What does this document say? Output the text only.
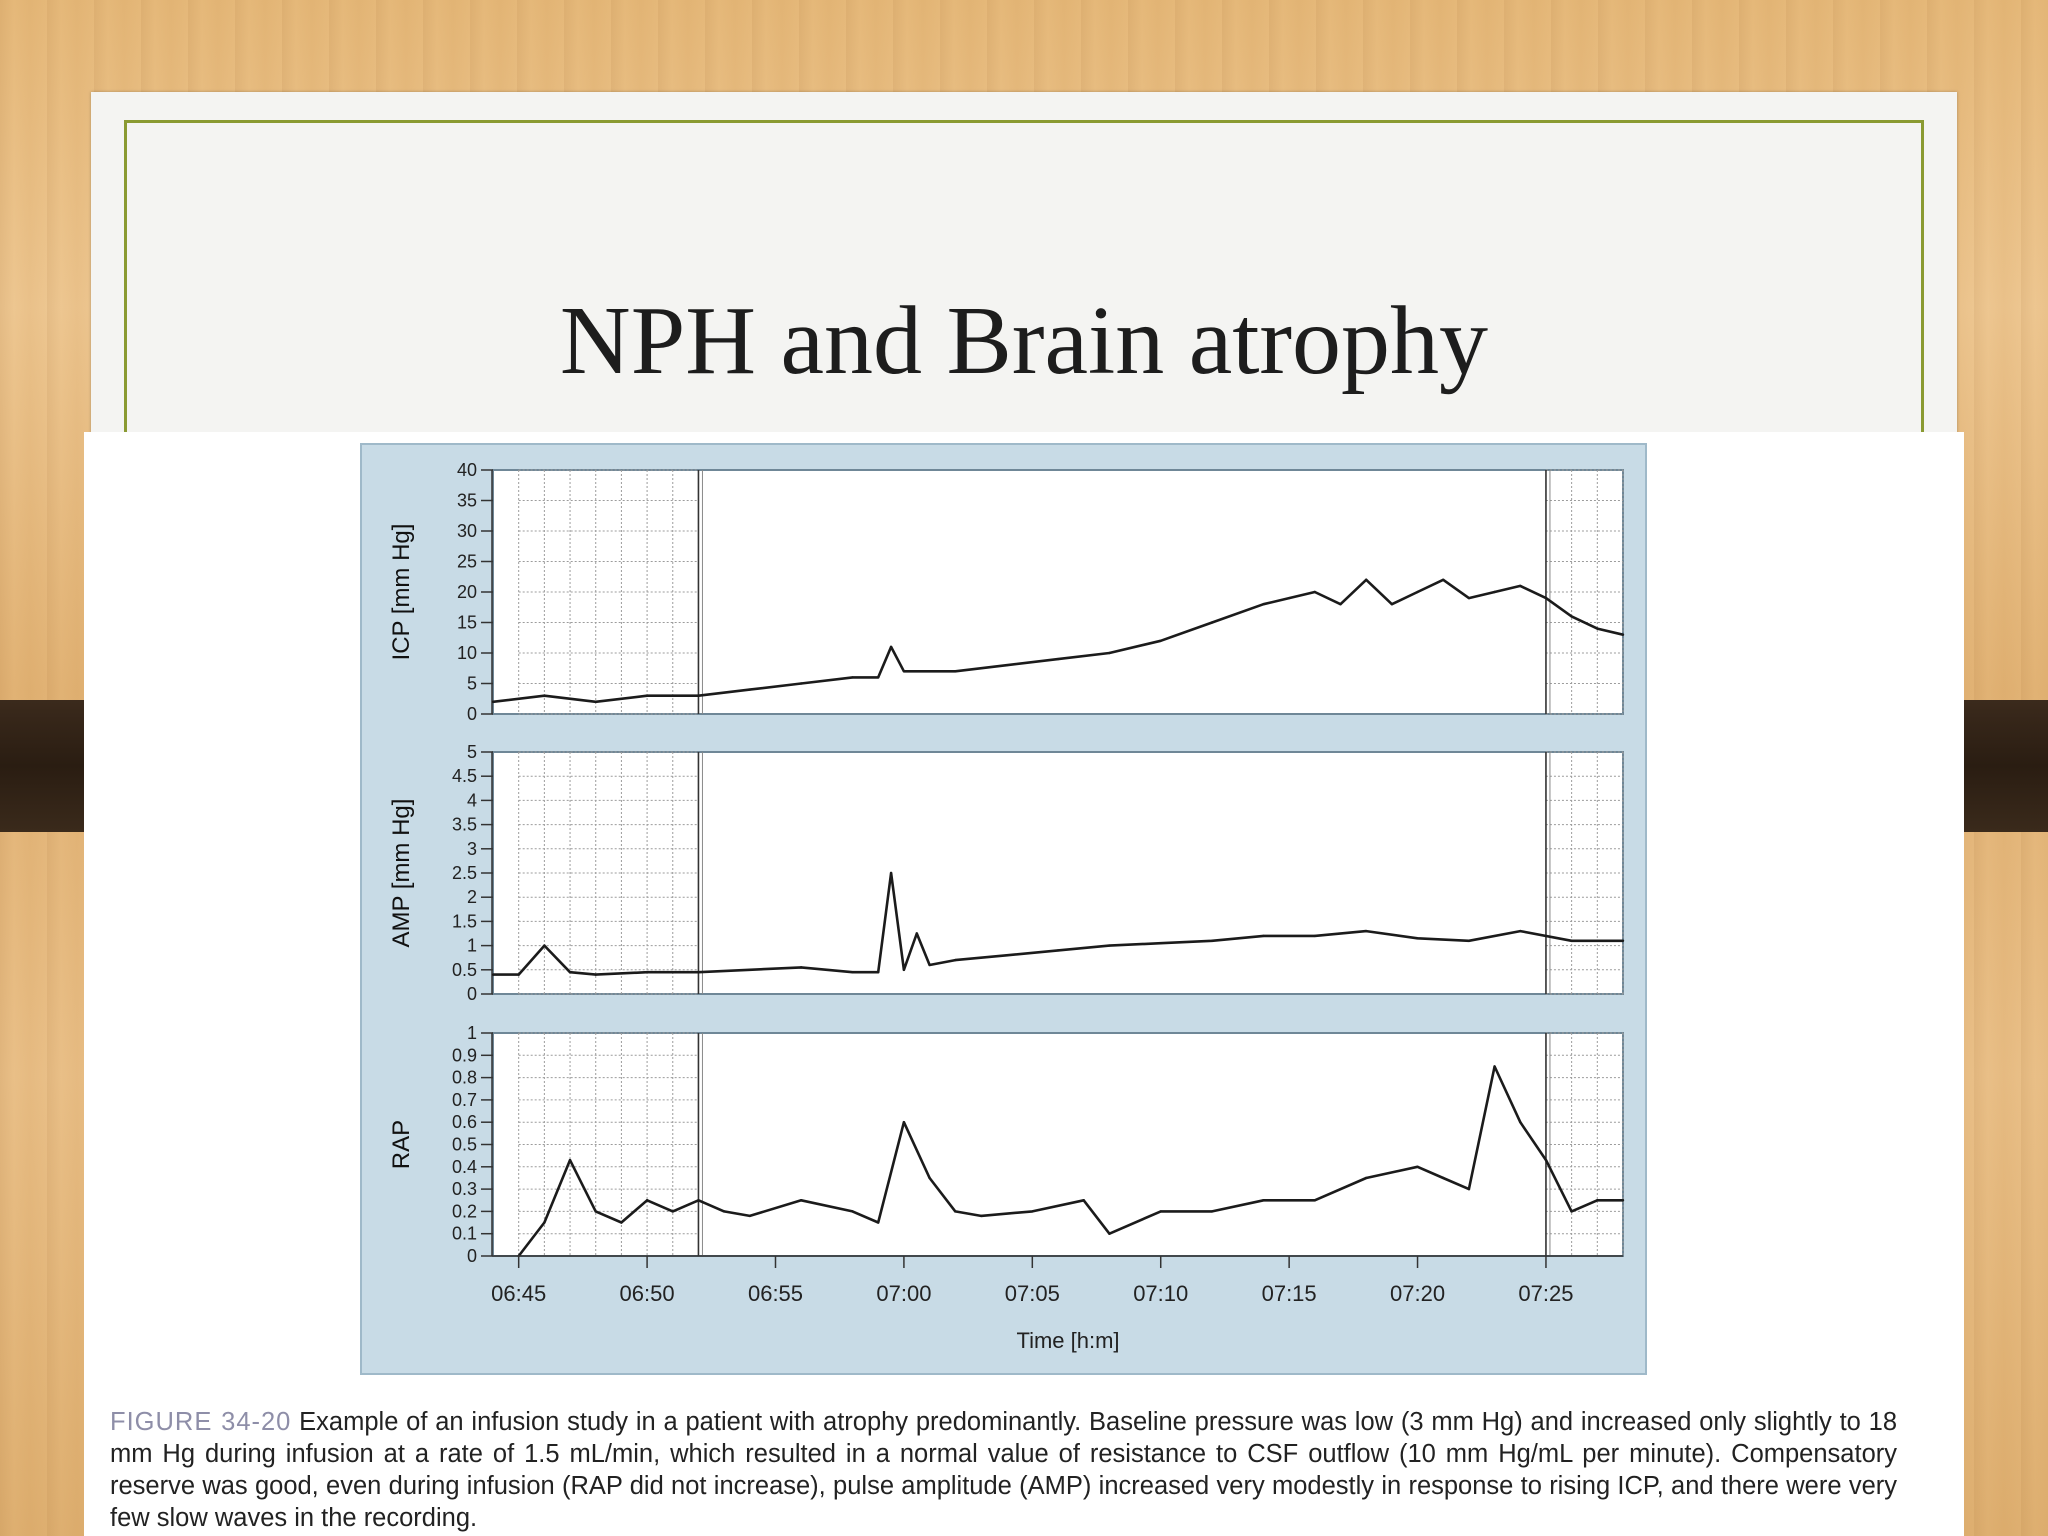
NPH and Brain atrophy
0
5
10
15
20
25
30
35
40
ICP [mm Hg]
0
0.5
1
1.5
2
2.5
3
3.5
4
4.5
5
AMP [mm Hg]
0
0.1
0.2
0.3
0.4
0.5
0.6
0.7
0.8
0.9
1
RAP
06:45	06:50	06:55	07:00	07:05	07:10	07:15	07:20	07:25
Time [h:m]
FIGURE 34-20 Example of an infusion study in a patient with atrophy predominantly. Baseline pressure was low (3 mm Hg) and increased only slightly to 18 mm Hg during infusion at a rate of 1.5 mL/min, which resulted in a normal value of resistance to CSF outflow (10 mm Hg/mL per minute). Compensatory reserve was good, even during infusion (RAP did not increase), pulse amplitude (AMP) increased very modestly in response to rising ICP, and there were very few slow waves in the recording.
